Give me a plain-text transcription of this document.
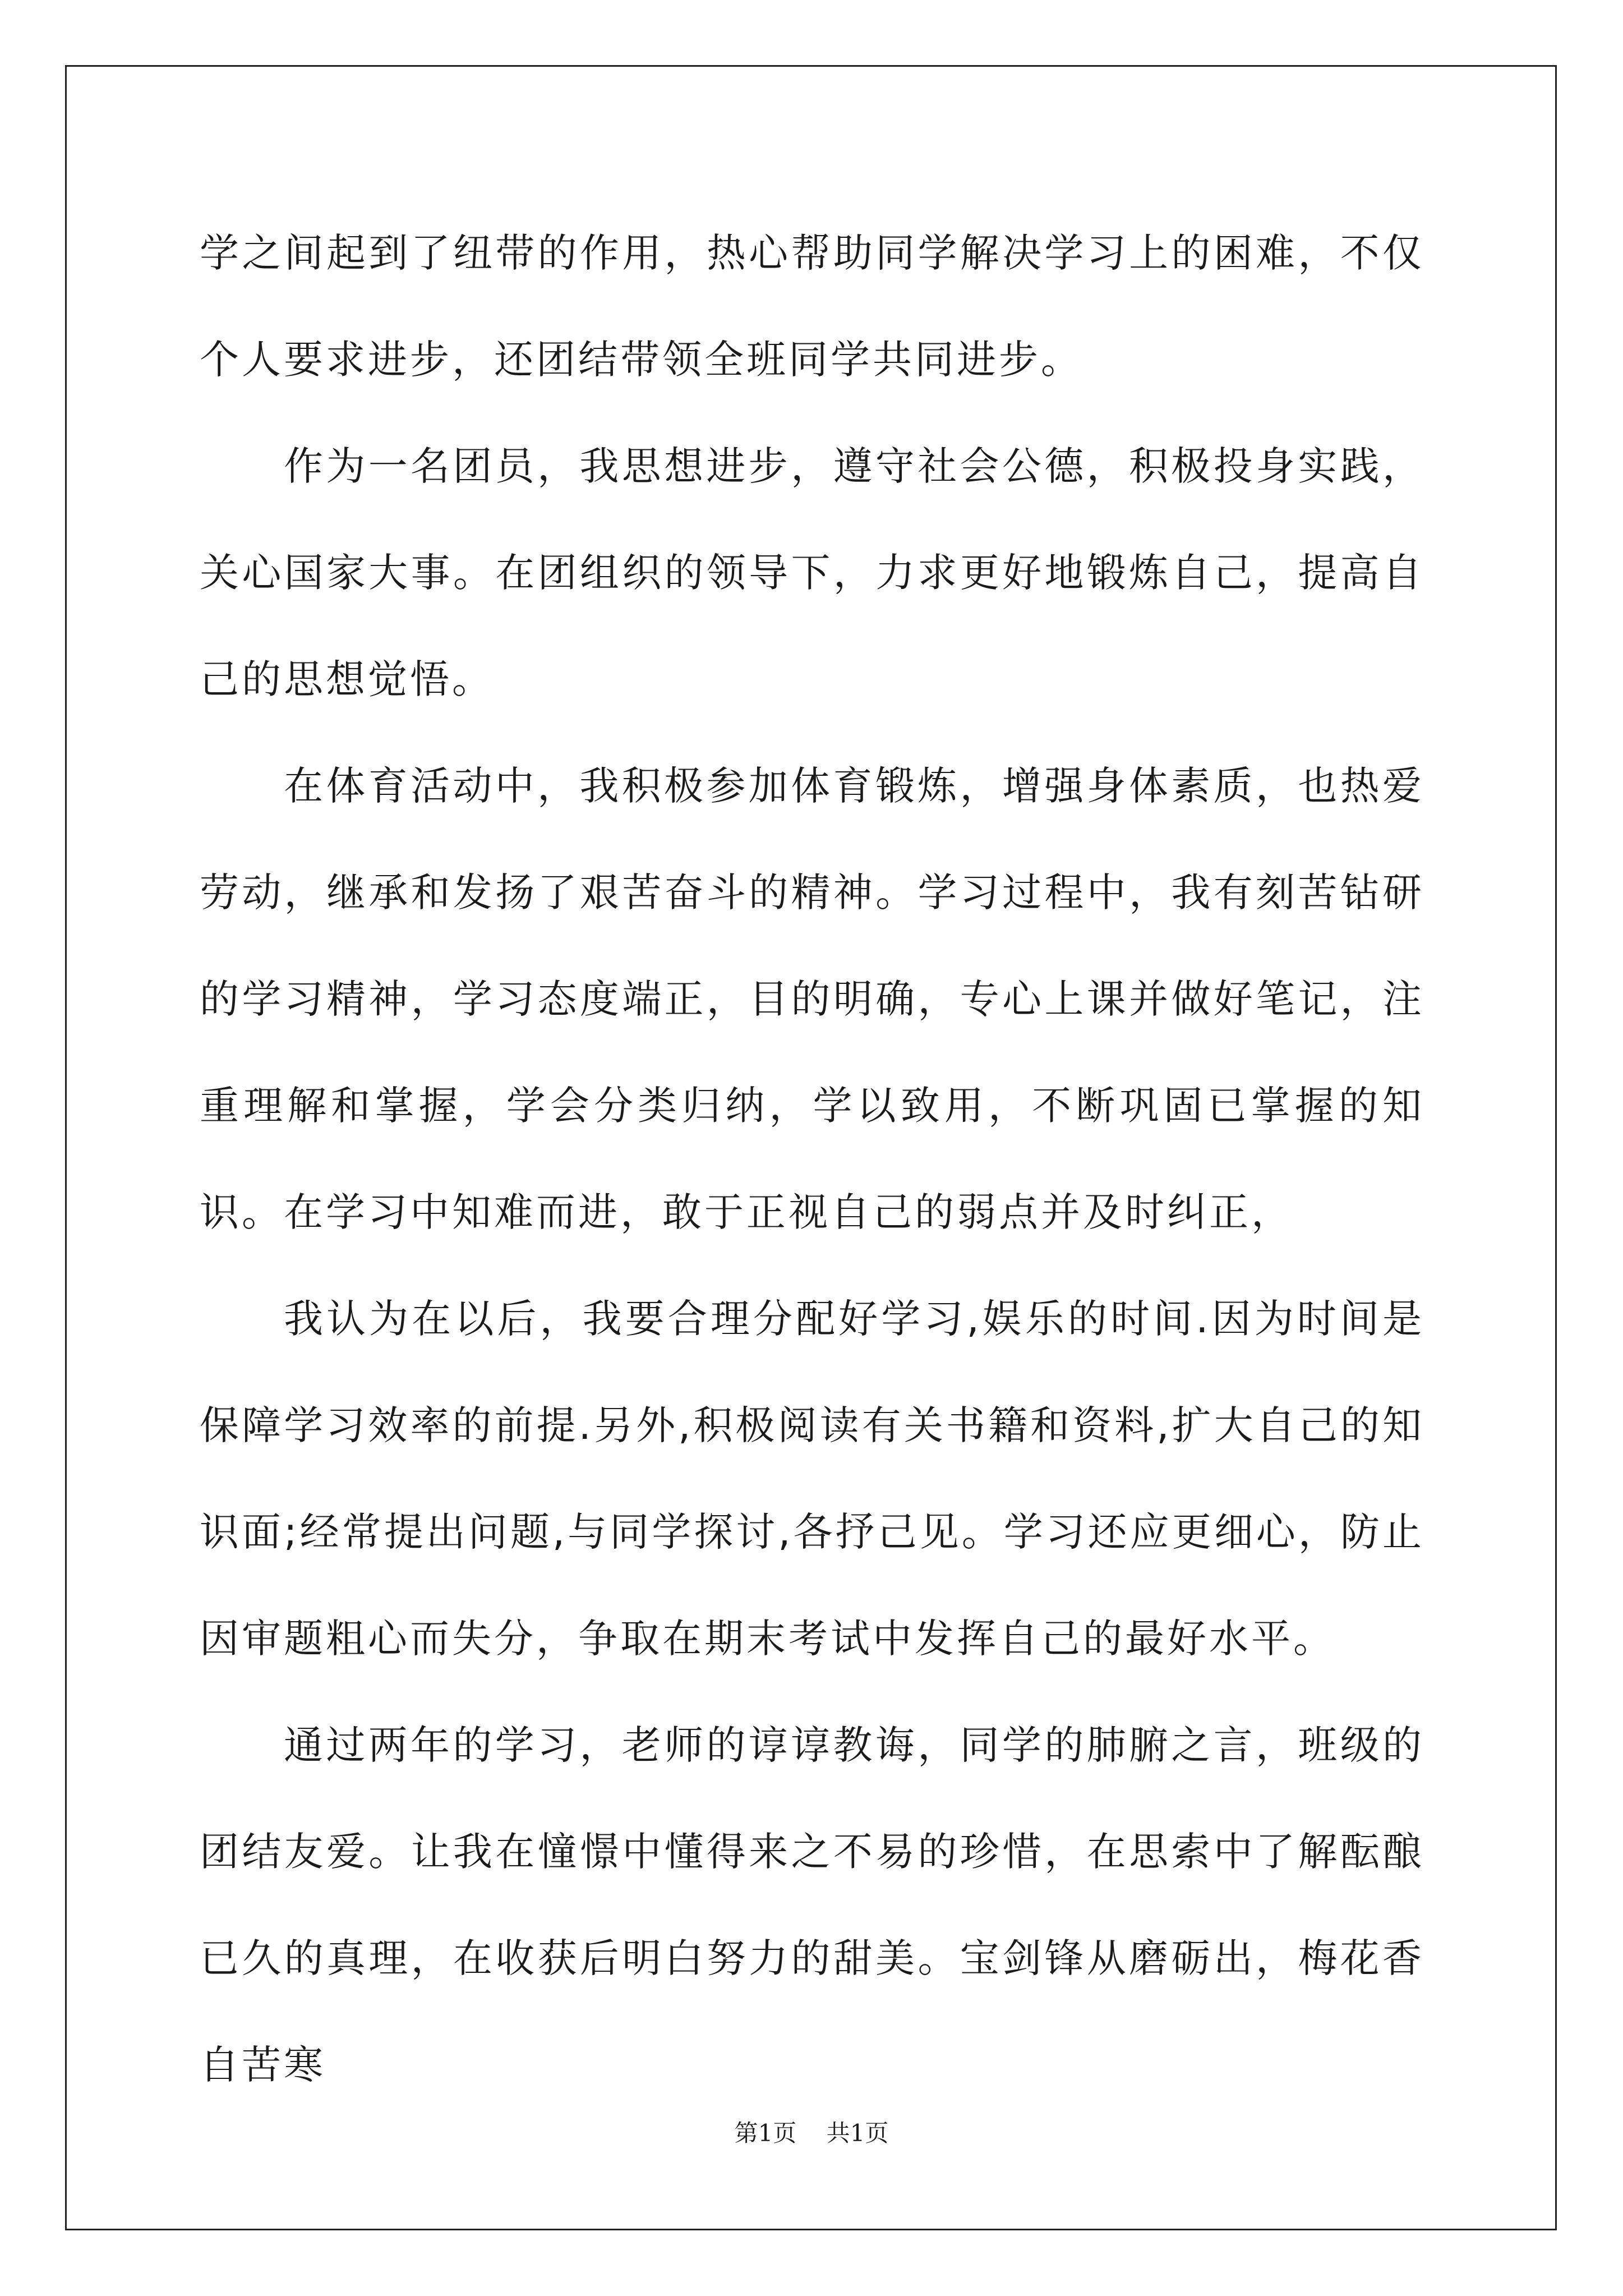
学之间起到了纽带的作用，热心帮助同学解决学习上的困难，不仅个人要求进步，还团结带领全班同学共同进步。

作为一名团员，我思想进步，遵守社会公德，积极投身实践，关心国家大事。在团组织的领导下，力求更好地锻炼自己，提高自己的思想觉悟。

在体育活动中，我积极参加体育锻炼，增强身体素质，也热爱劳动，继承和发扬了艰苦奋斗的精神。学习过程中，我有刻苦钻研的学习精神，学习态度端正，目的明确，专心上课并做好笔记，注重理解和掌握，学会分类归纳，学以致用，不断巩固已掌握的知识。在学习中知难而进，敢于正视自己的弱点并及时纠正，

我认为在以后，我要合理分配好学习,娱乐的时间.因为时间是保障学习效率的前提.另外,积极阅读有关书籍和资料,扩大自己的知识面;经常提出问题,与同学探讨,各抒己见。学习还应更细心，防止因审题粗心而失分，争取在期末考试中发挥自己的最好水平。

通过两年的学习，老师的谆谆教诲，同学的肺腑之言，班级的团结友爱。让我在憧憬中懂得来之不易的珍惜，在思索中了解酝酿已久的真理，在收获后明白努力的甜美。宝剑锋从磨砺出，梅花香自苦寒

第1页 共1页
